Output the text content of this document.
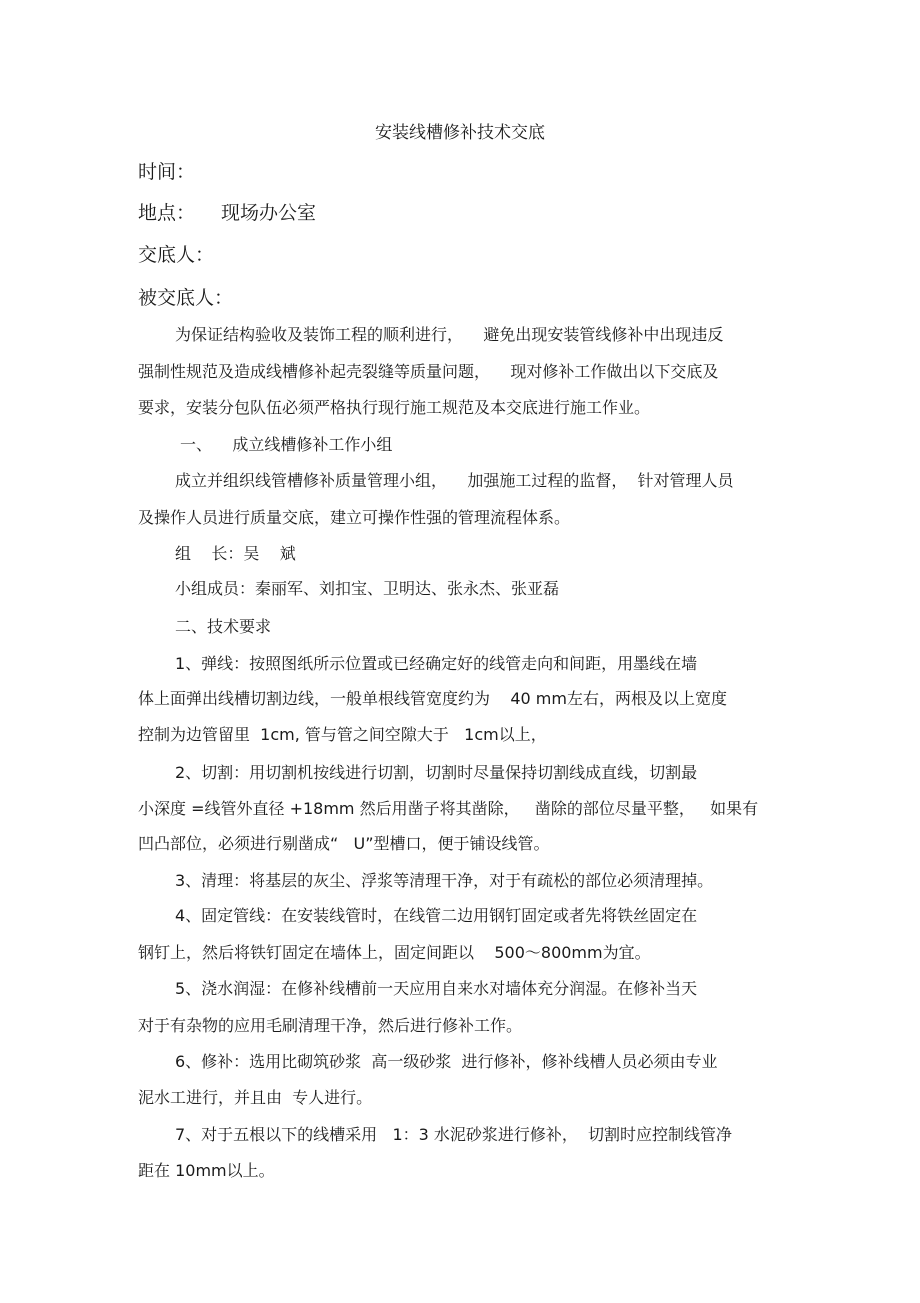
安装线槽修补技术交底
时间：
地点： 现场办公室
交底人：
被交底人：
为保证结构验收及装饰工程的顺利进行，    避免出现安装管线修补中出现违反
强制性规范及造成线槽修补起壳裂缝等质量问题，    现对修补工作做出以下交底及
要求，安装分包队伍必须严格执行现行施工规范及本交底进行施工作业。
一、    成立线槽修补工作小组
成立并组织线管槽修补质量管理小组，    加强施工过程的监督，  针对管理人员
及操作人员进行质量交底，建立可操作性强的管理流程体系。
组    长：吴    斌
小组成员：秦丽军、刘扣宝、卫明达、张永杰、张亚磊
二、技术要求
1、弹线：按照图纸所示位置或已经确定好的线管走向和间距，用墨线在墙
体上面弹出线槽切割边线，一般单根线管宽度约为    40 mm左右，两根及以上宽度
控制为边管留里  1cm, 管与管之间空隙大于   1cm以上，
2、切割：用切割机按线进行切割，切割时尽量保持切割线成直线，切割最
小深度 =线管外直径 +18mm 然后用凿子将其凿除，   凿除的部位尽量平整，   如果有
凹凸部位，必须进行剔凿成“   U”型槽口，便于铺设线管。
3、清理：将基层的灰尘、浮浆等清理干净，对于有疏松的部位必须清理掉。
4、固定管线：在安装线管时，在线管二边用钢钉固定或者先将铁丝固定在
钢钉上，然后将铁钉固定在墙体上，固定间距以    500～800mm为宜。
5、浇水润湿：在修补线槽前一天应用自来水对墙体充分润湿。在修补当天
对于有杂物的应用毛刷清理干净，然后进行修补工作。
6、修补：选用比砌筑砂浆  高一级砂浆  进行修补，修补线槽人员必须由专业
泥水工进行，并且由  专人进行。
7、对于五根以下的线槽采用   1：3 水泥砂浆进行修补，  切割时应控制线管净
距在 10mm以上。
